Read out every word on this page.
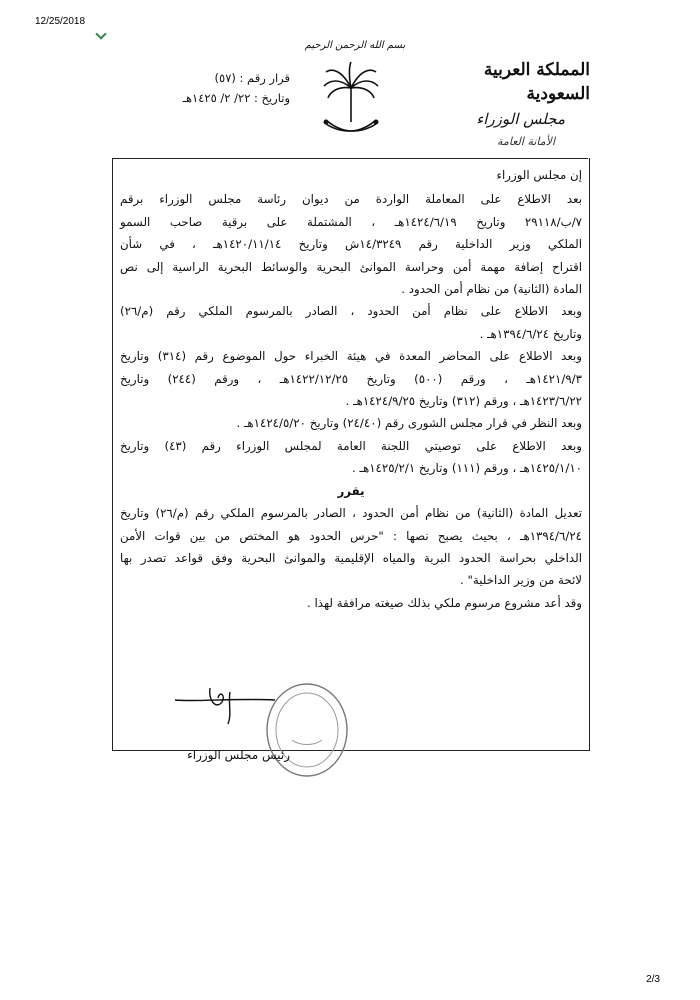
12/25/2018
بسم الله الرحمن الرحيم
قرار رقم : (٥٧)
وتاريخ : ٢٢/ ٢/ ١٤٢٥هـ
المملكة العربية السعودية
مجلس الوزراء
الأمانة العامة

إن مجلس الوزراء

بعد الاطلاع على المعاملة الواردة من ديوان رئاسة مجلس الوزراء برقم

٧/ب/٢٩١١٨ وتاريخ ١٤٢٤/٦/١٩هـ ، المشتملة على برقية صاحب السمو

الملكي وزير الداخلية رقم ١٤/٣٢٤٩ش وتاريخ ١٤٢٠/١١/١٤هـ ، في شأن

اقتراح إضافة مهمة أمن وحراسة الموانئ البحرية والوسائط البحرية الراسية إلى نص

المادة (الثانية) من نظام أمن الحدود .

وبعد الاطلاع على نظام أمن الحدود ، الصادر بالمرسوم الملكي رقم (م/٢٦)

وتاريخ ١٣٩٤/٦/٢٤هـ .

وبعد الاطلاع على المحاضر المعدة في هيئة الخبراء حول الموضوع رقم (٣١٤) وتاريخ

١٤٢١/٩/٣هـ ، ورقم (٥٠٠) وتاريخ ١٤٢٢/١٢/٢٥هـ ، ورقم (٢٤٤) وتاريخ

١٤٢٣/٦/٢٢هـ ، ورقم (٣١٢) وتاريخ ١٤٢٤/٩/٢٥هـ .

وبعد النظر في قرار مجلس الشورى رقم (٢٤/٤٠) وتاريخ ١٤٢٤/٥/٢٠هـ .

وبعد الاطلاع على توصيتي اللجنة العامة لمجلس الوزراء رقم (٤٣) وتاريخ

١٤٢٥/١/١٠هـ ، ورقم (١١١) وتاريخ ١٤٢٥/٢/١هـ .

يقرر

تعديل المادة (الثانية) من نظام أمن الحدود ، الصادر بالمرسوم الملكي رقم (م/٢٦) وتاريخ

١٣٩٤/٦/٢٤هـ ، بحيث يصبح نصها : "حرس الحدود هو المختص من بين قوات الأمن

الداخلي بحراسة الحدود البرية والمياه الإقليمية والموانئ البحرية وفق قواعد تصدر بها

لائحة من وزير الداخلية" .

وقد أعد مشروع مرسوم ملكي بذلك صيغته مرافقة لهذا .

رئيس مجلس الوزراء
2/3
